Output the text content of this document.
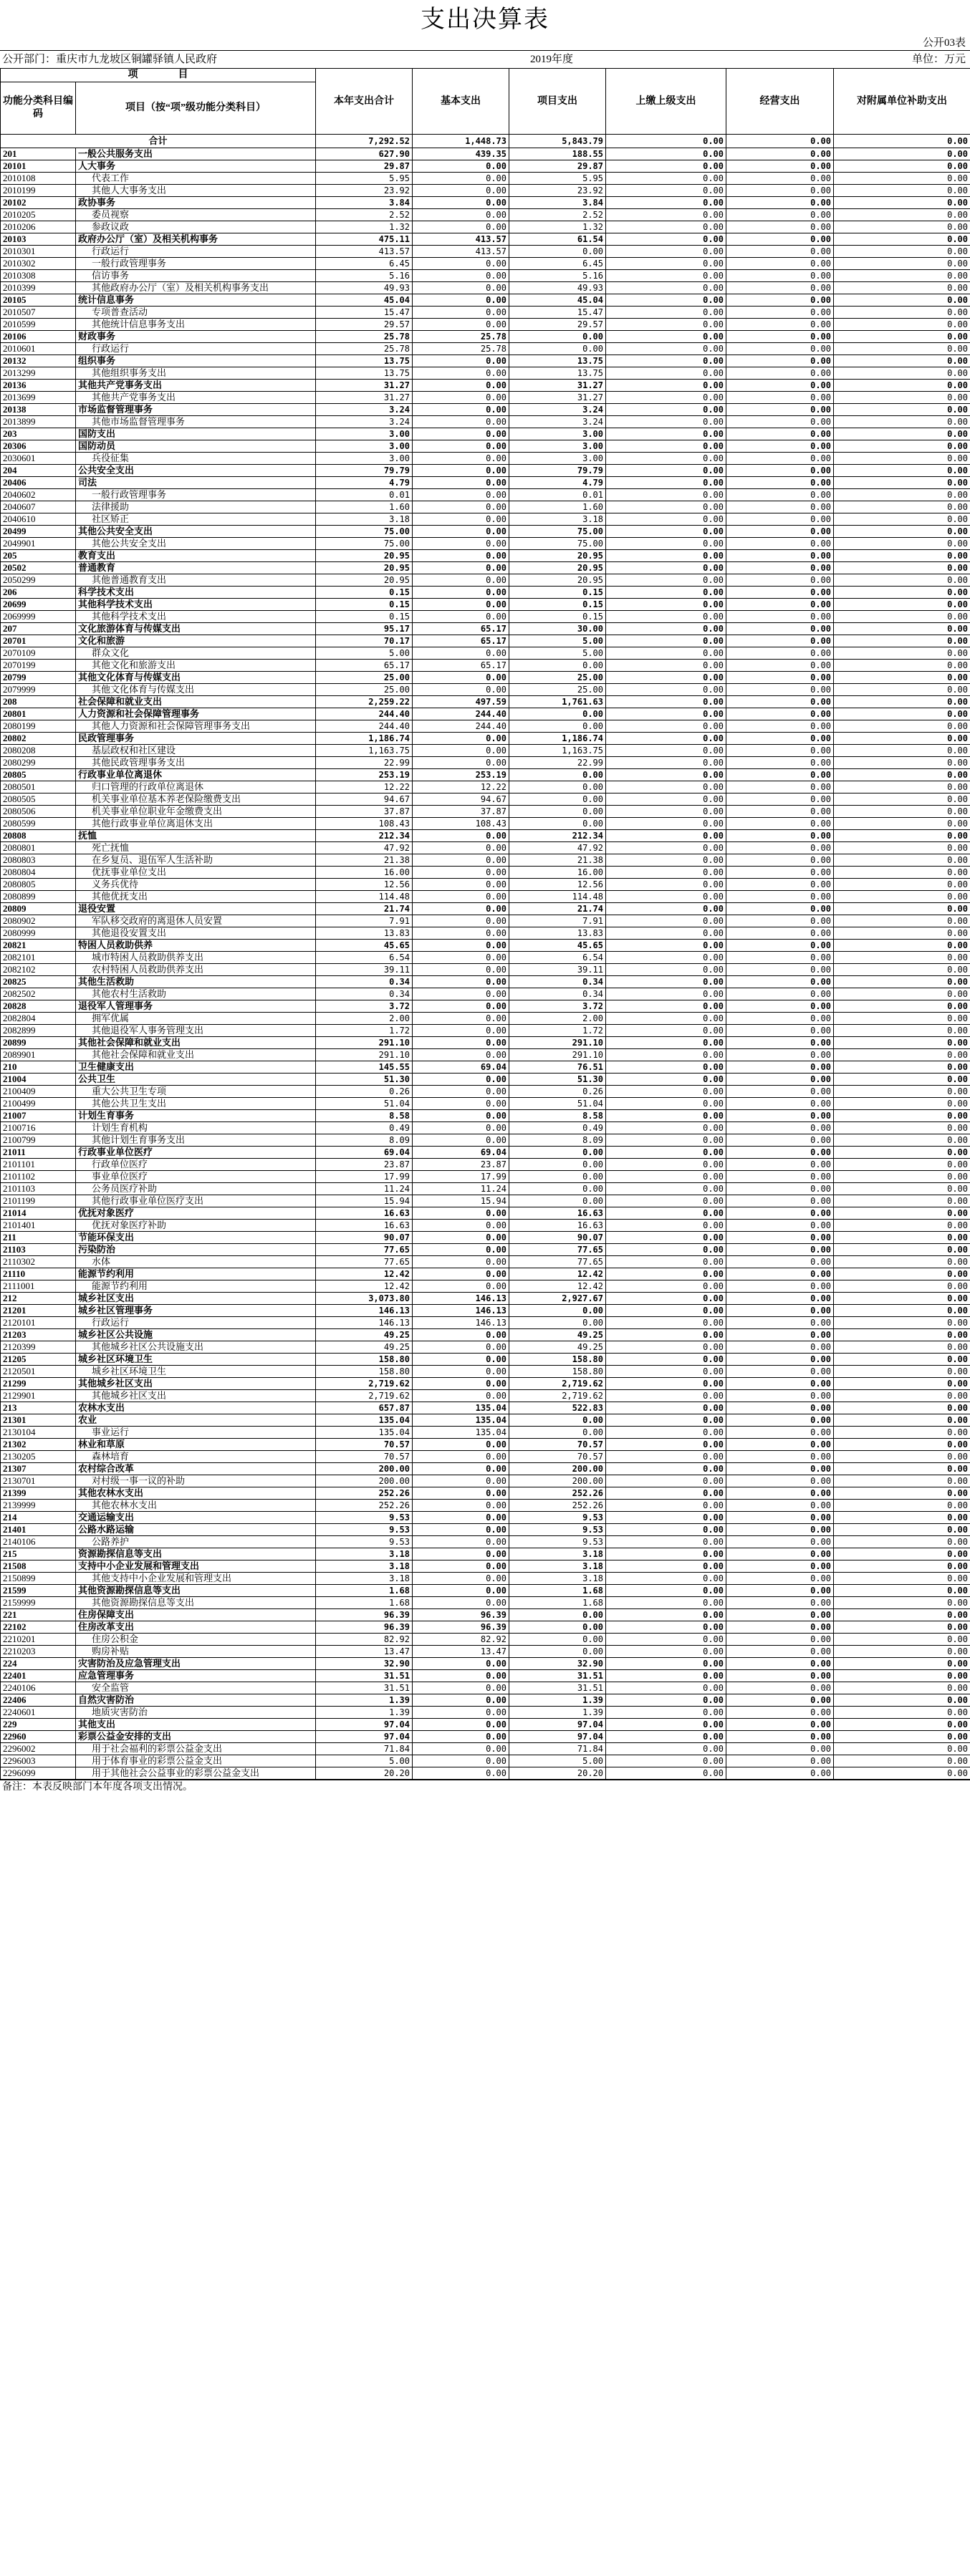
支出决算表
公开03表
公开部门：重庆市九龙坡区铜罐驿镇人民政府	2019年度	单位：万元
项　　　　目		本年支出合计	基本支出	项目支出	上缴上级支出	经营支出	对附属单位补助支出
功能分类科目编码	项目（按“项”级功能分类科目）						
合计		7,292.52	1,448.73	5,843.79	0.00	0.00	0.00
201	一般公共服务支出	627.90	439.35	188.55	0.00	0.00	0.00
20101	人大事务	29.87	0.00	29.87	0.00	0.00	0.00
2010108	代表工作	5.95	0.00	5.95	0.00	0.00	0.00
2010199	其他人大事务支出	23.92	0.00	23.92	0.00	0.00	0.00
20102	政协事务	3.84	0.00	3.84	0.00	0.00	0.00
2010205	委员视察	2.52	0.00	2.52	0.00	0.00	0.00
2010206	参政议政	1.32	0.00	1.32	0.00	0.00	0.00
20103	政府办公厅（室）及相关机构事务	475.11	413.57	61.54	0.00	0.00	0.00
2010301	行政运行	413.57	413.57	0.00	0.00	0.00	0.00
2010302	一般行政管理事务	6.45	0.00	6.45	0.00	0.00	0.00
2010308	信访事务	5.16	0.00	5.16	0.00	0.00	0.00
2010399	其他政府办公厅（室）及相关机构事务支出	49.93	0.00	49.93	0.00	0.00	0.00
20105	统计信息事务	45.04	0.00	45.04	0.00	0.00	0.00
2010507	专项普查活动	15.47	0.00	15.47	0.00	0.00	0.00
2010599	其他统计信息事务支出	29.57	0.00	29.57	0.00	0.00	0.00
20106	财政事务	25.78	25.78	0.00	0.00	0.00	0.00
2010601	行政运行	25.78	25.78	0.00	0.00	0.00	0.00
20132	组织事务	13.75	0.00	13.75	0.00	0.00	0.00
2013299	其他组织事务支出	13.75	0.00	13.75	0.00	0.00	0.00
20136	其他共产党事务支出	31.27	0.00	31.27	0.00	0.00	0.00
2013699	其他共产党事务支出	31.27	0.00	31.27	0.00	0.00	0.00
20138	市场监督管理事务	3.24	0.00	3.24	0.00	0.00	0.00
2013899	其他市场监督管理事务	3.24	0.00	3.24	0.00	0.00	0.00
203	国防支出	3.00	0.00	3.00	0.00	0.00	0.00
20306	国防动员	3.00	0.00	3.00	0.00	0.00	0.00
2030601	兵役征集	3.00	0.00	3.00	0.00	0.00	0.00
204	公共安全支出	79.79	0.00	79.79	0.00	0.00	0.00
20406	司法	4.79	0.00	4.79	0.00	0.00	0.00
2040602	一般行政管理事务	0.01	0.00	0.01	0.00	0.00	0.00
2040607	法律援助	1.60	0.00	1.60	0.00	0.00	0.00
2040610	社区矫正	3.18	0.00	3.18	0.00	0.00	0.00
20499	其他公共安全支出	75.00	0.00	75.00	0.00	0.00	0.00
2049901	其他公共安全支出	75.00	0.00	75.00	0.00	0.00	0.00
205	教育支出	20.95	0.00	20.95	0.00	0.00	0.00
20502	普通教育	20.95	0.00	20.95	0.00	0.00	0.00
2050299	其他普通教育支出	20.95	0.00	20.95	0.00	0.00	0.00
206	科学技术支出	0.15	0.00	0.15	0.00	0.00	0.00
20699	其他科学技术支出	0.15	0.00	0.15	0.00	0.00	0.00
2069999	其他科学技术支出	0.15	0.00	0.15	0.00	0.00	0.00
207	文化旅游体育与传媒支出	95.17	65.17	30.00	0.00	0.00	0.00
20701	文化和旅游	70.17	65.17	5.00	0.00	0.00	0.00
2070109	群众文化	5.00	0.00	5.00	0.00	0.00	0.00
2070199	其他文化和旅游支出	65.17	65.17	0.00	0.00	0.00	0.00
20799	其他文化体育与传媒支出	25.00	0.00	25.00	0.00	0.00	0.00
2079999	其他文化体育与传媒支出	25.00	0.00	25.00	0.00	0.00	0.00
208	社会保障和就业支出	2,259.22	497.59	1,761.63	0.00	0.00	0.00
20801	人力资源和社会保障管理事务	244.40	244.40	0.00	0.00	0.00	0.00
2080199	其他人力资源和社会保障管理事务支出	244.40	244.40	0.00	0.00	0.00	0.00
20802	民政管理事务	1,186.74	0.00	1,186.74	0.00	0.00	0.00
2080208	基层政权和社区建设	1,163.75	0.00	1,163.75	0.00	0.00	0.00
2080299	其他民政管理事务支出	22.99	0.00	22.99	0.00	0.00	0.00
20805	行政事业单位离退休	253.19	253.19	0.00	0.00	0.00	0.00
2080501	归口管理的行政单位离退休	12.22	12.22	0.00	0.00	0.00	0.00
2080505	机关事业单位基本养老保险缴费支出	94.67	94.67	0.00	0.00	0.00	0.00
2080506	机关事业单位职业年金缴费支出	37.87	37.87	0.00	0.00	0.00	0.00
2080599	其他行政事业单位离退休支出	108.43	108.43	0.00	0.00	0.00	0.00
20808	抚恤	212.34	0.00	212.34	0.00	0.00	0.00
2080801	死亡抚恤	47.92	0.00	47.92	0.00	0.00	0.00
2080803	在乡复员、退伍军人生活补助	21.38	0.00	21.38	0.00	0.00	0.00
2080804	优抚事业单位支出	16.00	0.00	16.00	0.00	0.00	0.00
2080805	义务兵优待	12.56	0.00	12.56	0.00	0.00	0.00
2080899	其他优抚支出	114.48	0.00	114.48	0.00	0.00	0.00
20809	退役安置	21.74	0.00	21.74	0.00	0.00	0.00
2080902	军队移交政府的离退休人员安置	7.91	0.00	7.91	0.00	0.00	0.00
2080999	其他退役安置支出	13.83	0.00	13.83	0.00	0.00	0.00
20821	特困人员救助供养	45.65	0.00	45.65	0.00	0.00	0.00
2082101	城市特困人员救助供养支出	6.54	0.00	6.54	0.00	0.00	0.00
2082102	农村特困人员救助供养支出	39.11	0.00	39.11	0.00	0.00	0.00
20825	其他生活救助	0.34	0.00	0.34	0.00	0.00	0.00
2082502	其他农村生活救助	0.34	0.00	0.34	0.00	0.00	0.00
20828	退役军人管理事务	3.72	0.00	3.72	0.00	0.00	0.00
2082804	拥军优属	2.00	0.00	2.00	0.00	0.00	0.00
2082899	其他退役军人事务管理支出	1.72	0.00	1.72	0.00	0.00	0.00
20899	其他社会保障和就业支出	291.10	0.00	291.10	0.00	0.00	0.00
2089901	其他社会保障和就业支出	291.10	0.00	291.10	0.00	0.00	0.00
210	卫生健康支出	145.55	69.04	76.51	0.00	0.00	0.00
21004	公共卫生	51.30	0.00	51.30	0.00	0.00	0.00
2100409	重大公共卫生专项	0.26	0.00	0.26	0.00	0.00	0.00
2100499	其他公共卫生支出	51.04	0.00	51.04	0.00	0.00	0.00
21007	计划生育事务	8.58	0.00	8.58	0.00	0.00	0.00
2100716	计划生育机构	0.49	0.00	0.49	0.00	0.00	0.00
2100799	其他计划生育事务支出	8.09	0.00	8.09	0.00	0.00	0.00
21011	行政事业单位医疗	69.04	69.04	0.00	0.00	0.00	0.00
2101101	行政单位医疗	23.87	23.87	0.00	0.00	0.00	0.00
2101102	事业单位医疗	17.99	17.99	0.00	0.00	0.00	0.00
2101103	公务员医疗补助	11.24	11.24	0.00	0.00	0.00	0.00
2101199	其他行政事业单位医疗支出	15.94	15.94	0.00	0.00	0.00	0.00
21014	优抚对象医疗	16.63	0.00	16.63	0.00	0.00	0.00
2101401	优抚对象医疗补助	16.63	0.00	16.63	0.00	0.00	0.00
211	节能环保支出	90.07	0.00	90.07	0.00	0.00	0.00
21103	污染防治	77.65	0.00	77.65	0.00	0.00	0.00
2110302	水体	77.65	0.00	77.65	0.00	0.00	0.00
21110	能源节约利用	12.42	0.00	12.42	0.00	0.00	0.00
2111001	能源节约利用	12.42	0.00	12.42	0.00	0.00	0.00
212	城乡社区支出	3,073.80	146.13	2,927.67	0.00	0.00	0.00
21201	城乡社区管理事务	146.13	146.13	0.00	0.00	0.00	0.00
2120101	行政运行	146.13	146.13	0.00	0.00	0.00	0.00
21203	城乡社区公共设施	49.25	0.00	49.25	0.00	0.00	0.00
2120399	其他城乡社区公共设施支出	49.25	0.00	49.25	0.00	0.00	0.00
21205	城乡社区环境卫生	158.80	0.00	158.80	0.00	0.00	0.00
2120501	城乡社区环境卫生	158.80	0.00	158.80	0.00	0.00	0.00
21299	其他城乡社区支出	2,719.62	0.00	2,719.62	0.00	0.00	0.00
2129901	其他城乡社区支出	2,719.62	0.00	2,719.62	0.00	0.00	0.00
213	农林水支出	657.87	135.04	522.83	0.00	0.00	0.00
21301	农业	135.04	135.04	0.00	0.00	0.00	0.00
2130104	事业运行	135.04	135.04	0.00	0.00	0.00	0.00
21302	林业和草原	70.57	0.00	70.57	0.00	0.00	0.00
2130205	森林培育	70.57	0.00	70.57	0.00	0.00	0.00
21307	农村综合改革	200.00	0.00	200.00	0.00	0.00	0.00
2130701	对村级一事一议的补助	200.00	0.00	200.00	0.00	0.00	0.00
21399	其他农林水支出	252.26	0.00	252.26	0.00	0.00	0.00
2139999	其他农林水支出	252.26	0.00	252.26	0.00	0.00	0.00
214	交通运输支出	9.53	0.00	9.53	0.00	0.00	0.00
21401	公路水路运输	9.53	0.00	9.53	0.00	0.00	0.00
2140106	公路养护	9.53	0.00	9.53	0.00	0.00	0.00
215	资源勘探信息等支出	3.18	0.00	3.18	0.00	0.00	0.00
21508	支持中小企业发展和管理支出	3.18	0.00	3.18	0.00	0.00	0.00
2150899	其他支持中小企业发展和管理支出	3.18	0.00	3.18	0.00	0.00	0.00
21599	其他资源勘探信息等支出	1.68	0.00	1.68	0.00	0.00	0.00
2159999	其他资源勘探信息等支出	1.68	0.00	1.68	0.00	0.00	0.00
221	住房保障支出	96.39	96.39	0.00	0.00	0.00	0.00
22102	住房改革支出	96.39	96.39	0.00	0.00	0.00	0.00
2210201	住房公积金	82.92	82.92	0.00	0.00	0.00	0.00
2210203	购房补贴	13.47	13.47	0.00	0.00	0.00	0.00
224	灾害防治及应急管理支出	32.90	0.00	32.90	0.00	0.00	0.00
22401	应急管理事务	31.51	0.00	31.51	0.00	0.00	0.00
2240106	安全监管	31.51	0.00	31.51	0.00	0.00	0.00
22406	自然灾害防治	1.39	0.00	1.39	0.00	0.00	0.00
2240601	地质灾害防治	1.39	0.00	1.39	0.00	0.00	0.00
229	其他支出	97.04	0.00	97.04	0.00	0.00	0.00
22960	彩票公益金安排的支出	97.04	0.00	97.04	0.00	0.00	0.00
2296002	用于社会福利的彩票公益金支出	71.84	0.00	71.84	0.00	0.00	0.00
2296003	用于体育事业的彩票公益金支出	5.00	0.00	5.00	0.00	0.00	0.00
2296099	用于其他社会公益事业的彩票公益金支出	20.20	0.00	20.20	0.00	0.00	0.00
备注：本表反映部门本年度各项支出情况。
